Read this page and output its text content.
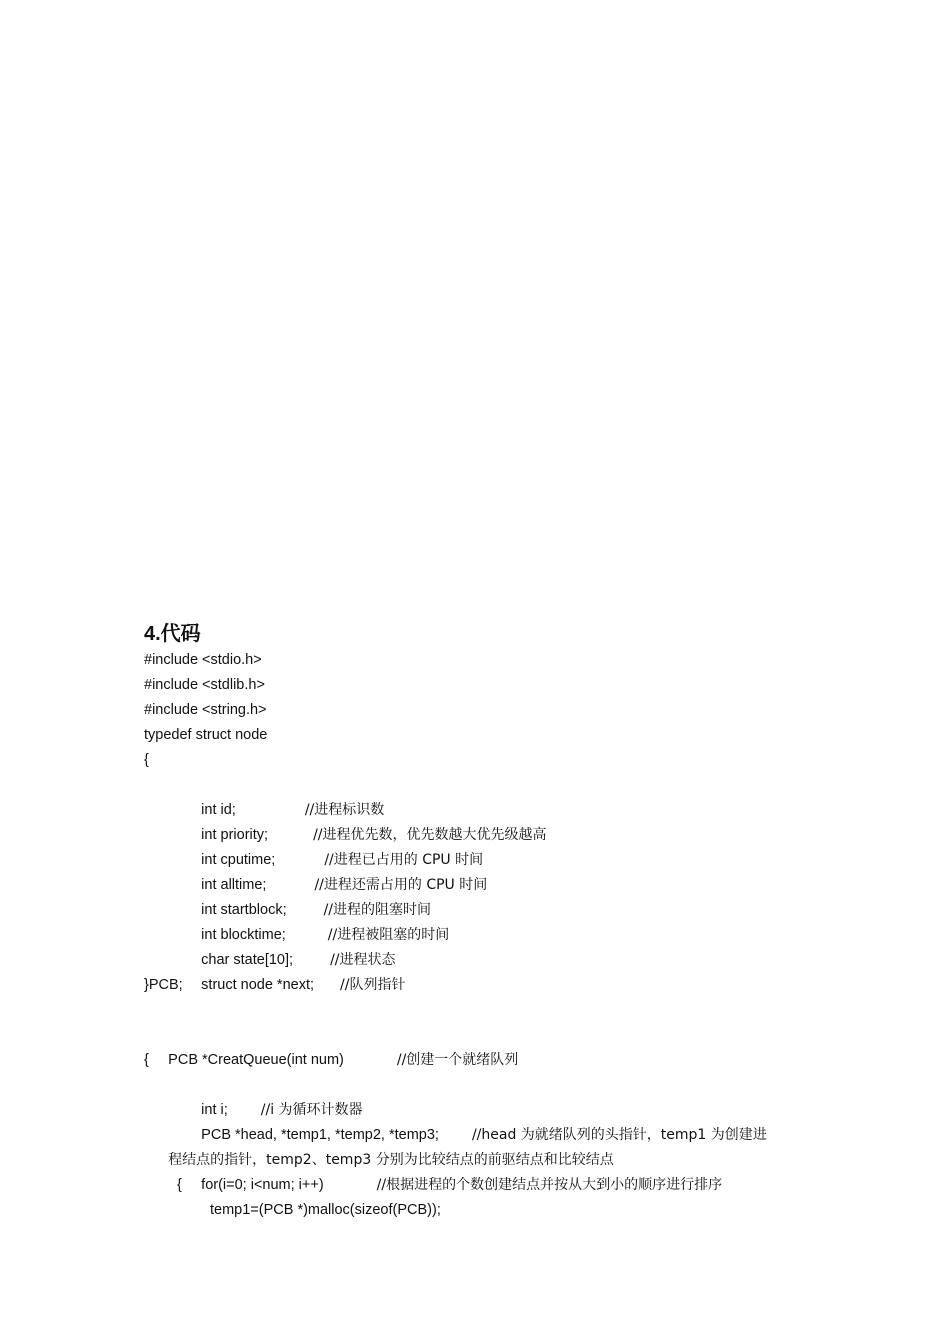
4.代码
#include <stdio.h>
#include <stdlib.h>
#include <string.h>
typedef struct node
{

int id;	//进程标识数

int priority;	//进程优先数，优先数越大优先级越高

int cputime;	//进程已占用的 CPU 时间

int alltime;	//进程还需占用的 CPU 时间

int startblock;	//进程的阻塞时间

int blocktime;	//进程被阻塞的时间

char state[10];	//进程状态

struct node *next; //队列指针

}PCB;

PCB *CreatQueue(int num)	//创建一个就绪队列

{

int i; //i 为循环计数器

PCB *head, *temp1, *temp2, *temp3; //head 为就绪队列的头指针，temp1 为创建进

程结点的指针，temp2、temp3 分别为比较结点的前驱结点和比较结点

for(i=0; i<num; i++)	//根据进程的个数创建结点并按从大到小的顺序进行排序

{
temp1=(PCB *)malloc(sizeof(PCB));
